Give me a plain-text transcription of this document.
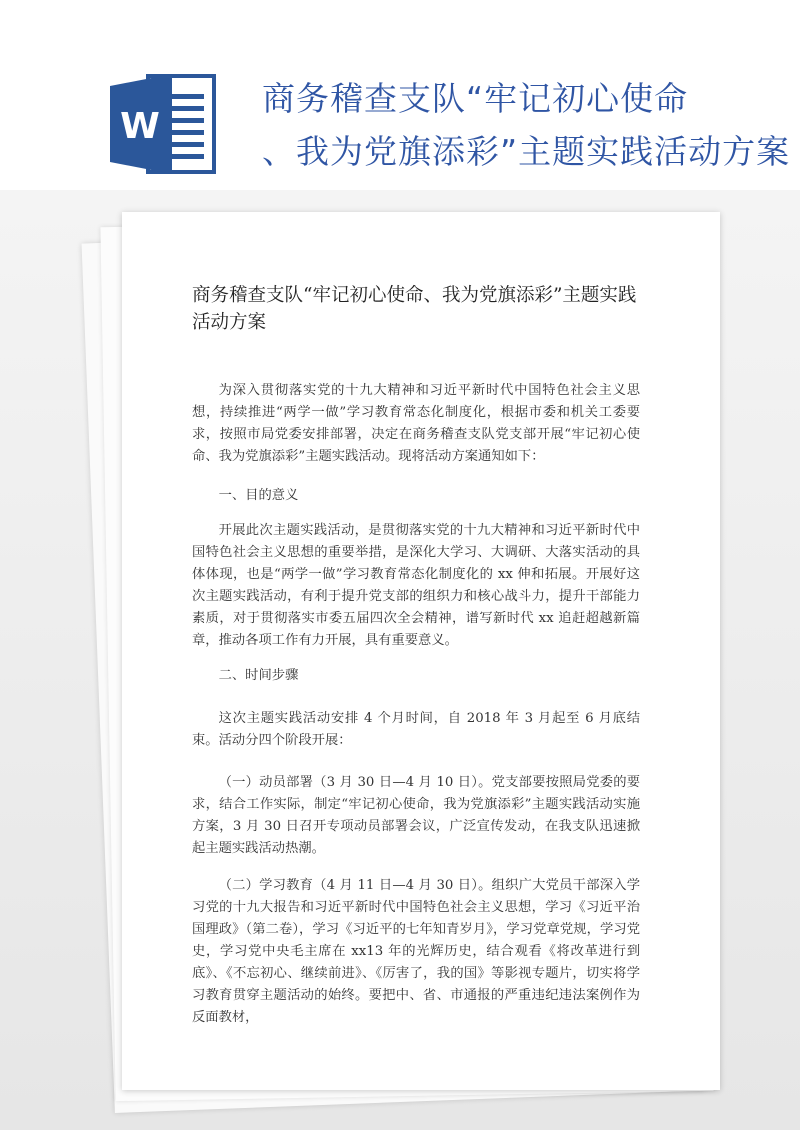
W
商务稽查支队“牢记初心使命
、我为党旗添彩”主题实践活动方案
商务稽查支队“牢记初心使命、我为党旗添彩”主题实践活动方案

为深入贯彻落实党的十九大精神和习近平新时代中国特色社会主义思想，持续推进“两学一做”学习教育常态化制度化，根据市委和机关工委要求，按照市局党委安排部署，决定在商务稽查支队党支部开展“牢记初心使命、我为党旗添彩”主题实践活动。现将活动方案通知如下：

一、目的意义

开展此次主题实践活动，是贯彻落实党的十九大精神和习近平新时代中国特色社会主义思想的重要举措，是深化大学习、大调研、大落实活动的具体体现，也是“两学一做”学习教育常态化制度化的 xx 伸和拓展。开展好这次主题实践活动，有利于提升党支部的组织力和核心战斗力，提升干部能力素质，对于贯彻落实市委五届四次全会精神，谱写新时代 xx 追赶超越新篇章，推动各项工作有力开展，具有重要意义。

二、时间步骤

这次主题实践活动安排 4 个月时间，自 2018 年 3 月起至 6 月底结束。活动分四个阶段开展：

（一）动员部署（3 月 30 日—4 月 10 日）。党支部要按照局党委的要求，结合工作实际，制定“牢记初心使命，我为党旗添彩”主题实践活动实施方案，3 月 30 日召开专项动员部署会议，广泛宣传发动，在我支队迅速掀起主题实践活动热潮。

（二）学习教育（4 月 11 日—4 月 30 日）。组织广大党员干部深入学习党的十九大报告和习近平新时代中国特色社会主义思想，学习《习近平治国理政》（第二卷），学习《习近平的七年知青岁月》，学习党章党规，学习党史，学习党中央毛主席在 xx13 年的光辉历史，结合观看《将改革进行到底》、《不忘初心、继续前进》、《厉害了，我的国》等影视专题片，切实将学习教育贯穿主题活动的始终。要把中、省、市通报的严重违纪违法案例作为反面教材，
